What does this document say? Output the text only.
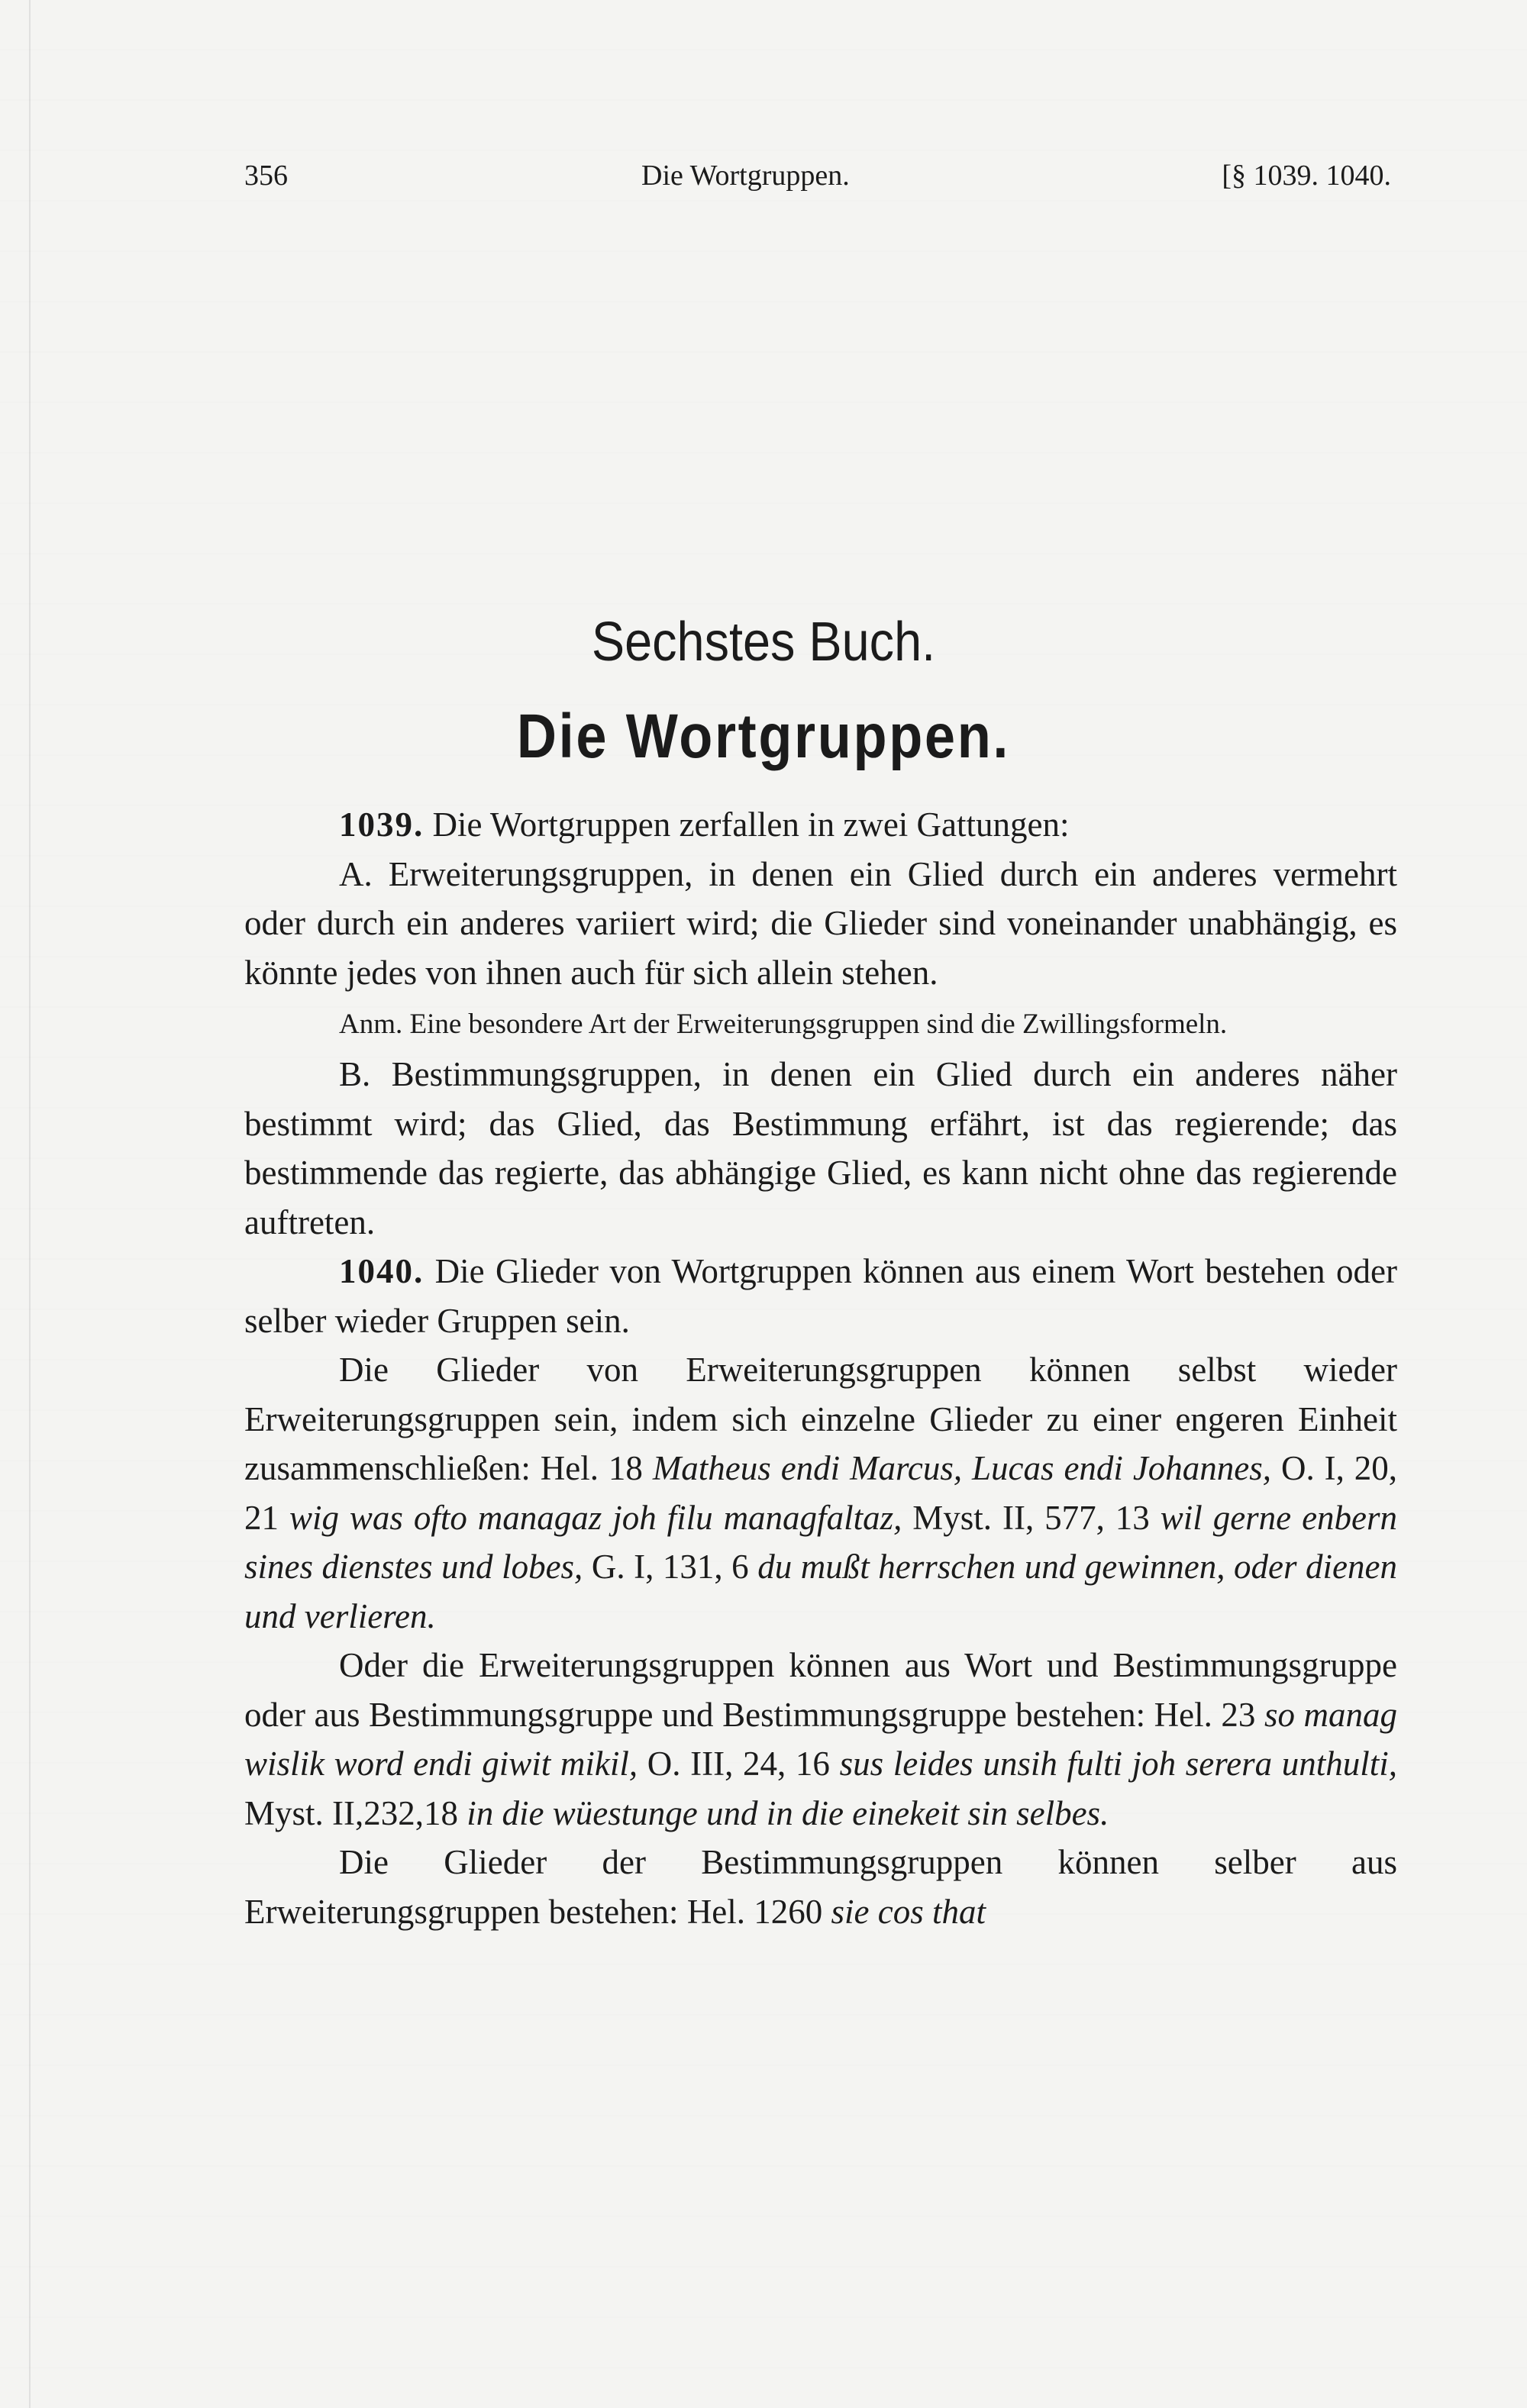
356	Die Wortgruppen.	[§ 1039. 1040.
Sechstes Buch.
Die Wortgruppen.

1039. Die Wortgruppen zerfallen in zwei Gattungen:

A. Erweiterungsgruppen, in denen ein Glied durch ein anderes vermehrt oder durch ein anderes variiert wird; die Glieder sind voneinander unabhängig, es könnte jedes von ihnen auch für sich allein stehen.

Anm. Eine besondere Art der Erweiterungsgruppen sind die Zwillingsformeln.

B. Bestimmungsgruppen, in denen ein Glied durch ein anderes näher bestimmt wird; das Glied, das Bestimmung erfährt, ist das regierende; das bestimmende das regierte, das abhängige Glied, es kann nicht ohne das regierende auftreten.

1040. Die Glieder von Wortgruppen können aus einem Wort bestehen oder selber wieder Gruppen sein.

Die Glieder von Erweiterungsgruppen können selbst wieder Erweiterungsgruppen sein, indem sich einzelne Glieder zu einer engeren Einheit zusammenschließen: Hel. 18 Matheus endi Marcus, Lucas endi Johannes, O. I, 20, 21 wig was ofto managaz joh filu managfaltaz, Myst. II, 577, 13 wil gerne enbern sines dienstes und lobes, G. I, 131, 6 du mußt herrschen und gewinnen, oder dienen und verlieren.

Oder die Erweiterungsgruppen können aus Wort und Bestimmungsgruppe oder aus Bestimmungsgruppe und Bestimmungsgruppe bestehen: Hel. 23 so manag wislik word endi giwit mikil, O. III, 24, 16 sus leides unsih fulti joh serera unthulti, Myst. II,232,18 in die wüestunge und in die einekeit sin selbes.

Die Glieder der Bestimmungsgruppen können selber aus Erweiterungsgruppen bestehen: Hel. 1260 sie cos that
